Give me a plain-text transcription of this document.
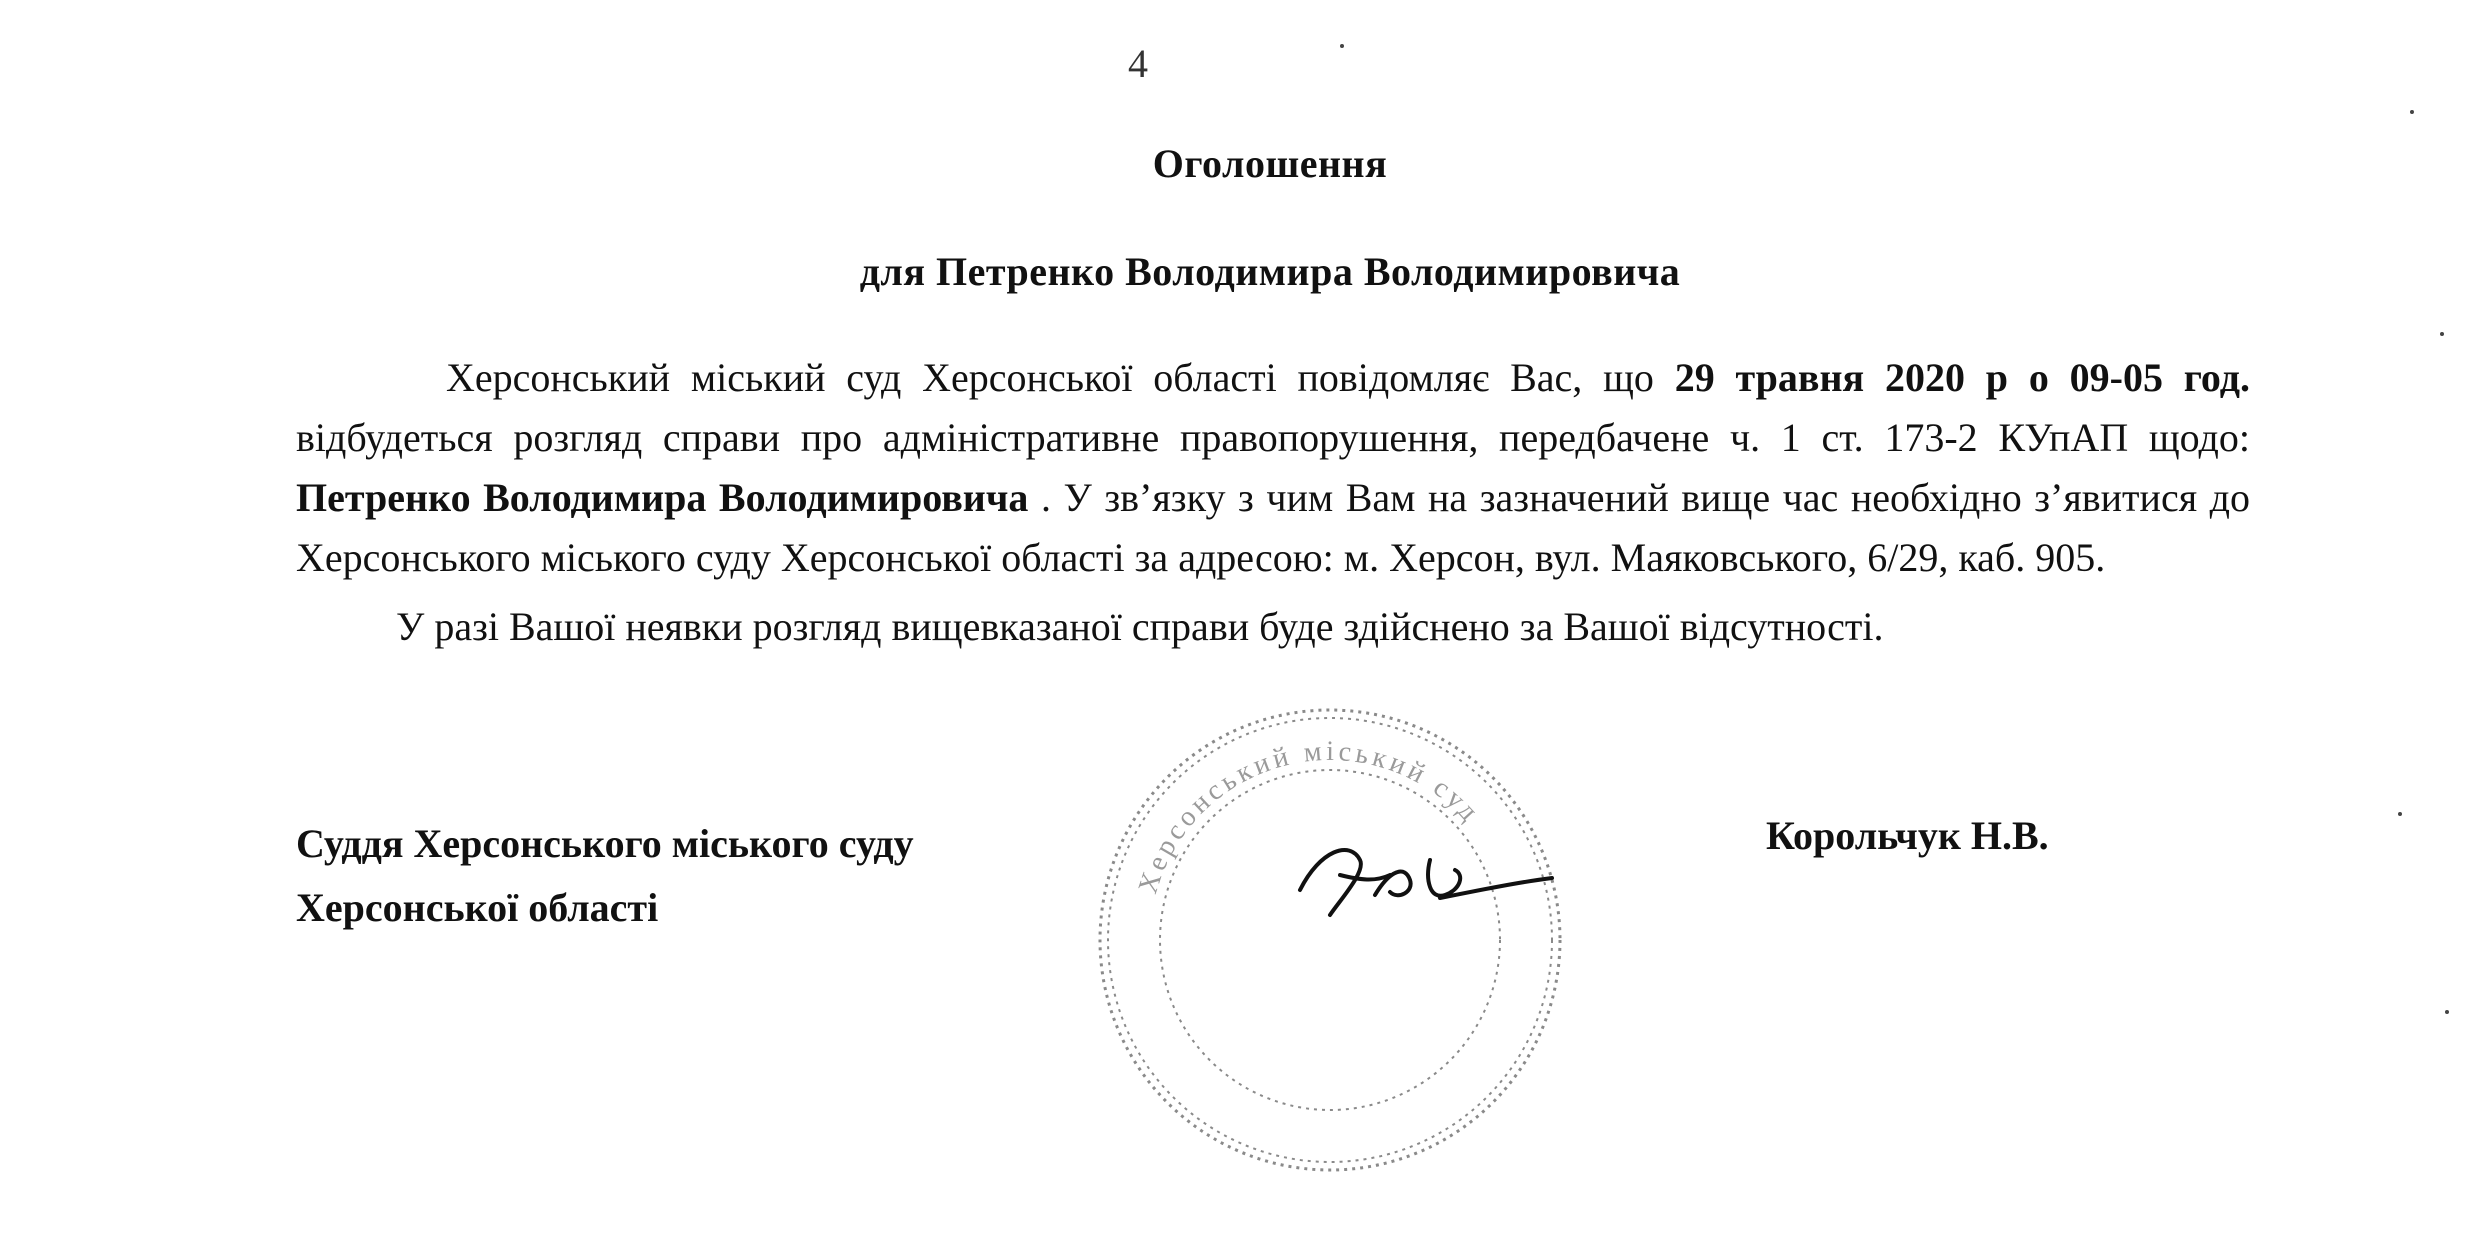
4
Оголошення
для Петренко Володимира Володимировича

Херсонський міський суд Херсонської області повідомляє Вас, що 29 травня 2020 р о 09-05 год. відбудеться розгляд справи про адміністративне правопорушення, передбачене ч. 1 ст. 173-2 КУпАП щодо: Петренко Володимира Володимировича . У зв’язку з чим Вам на зазначений вище час необхідно з’явитися до Херсонського міського суду Херсонської області за адресою: м. Херсон, вул. Маяковського, 6/29, каб. 905.

У разі Вашої неявки розгляд вищевказаної справи буде здійснено за Вашої відсутності.

Херсонський міський суд
Суддя Херсонського міського суду
Херсонської області
Корольчук Н.В.
